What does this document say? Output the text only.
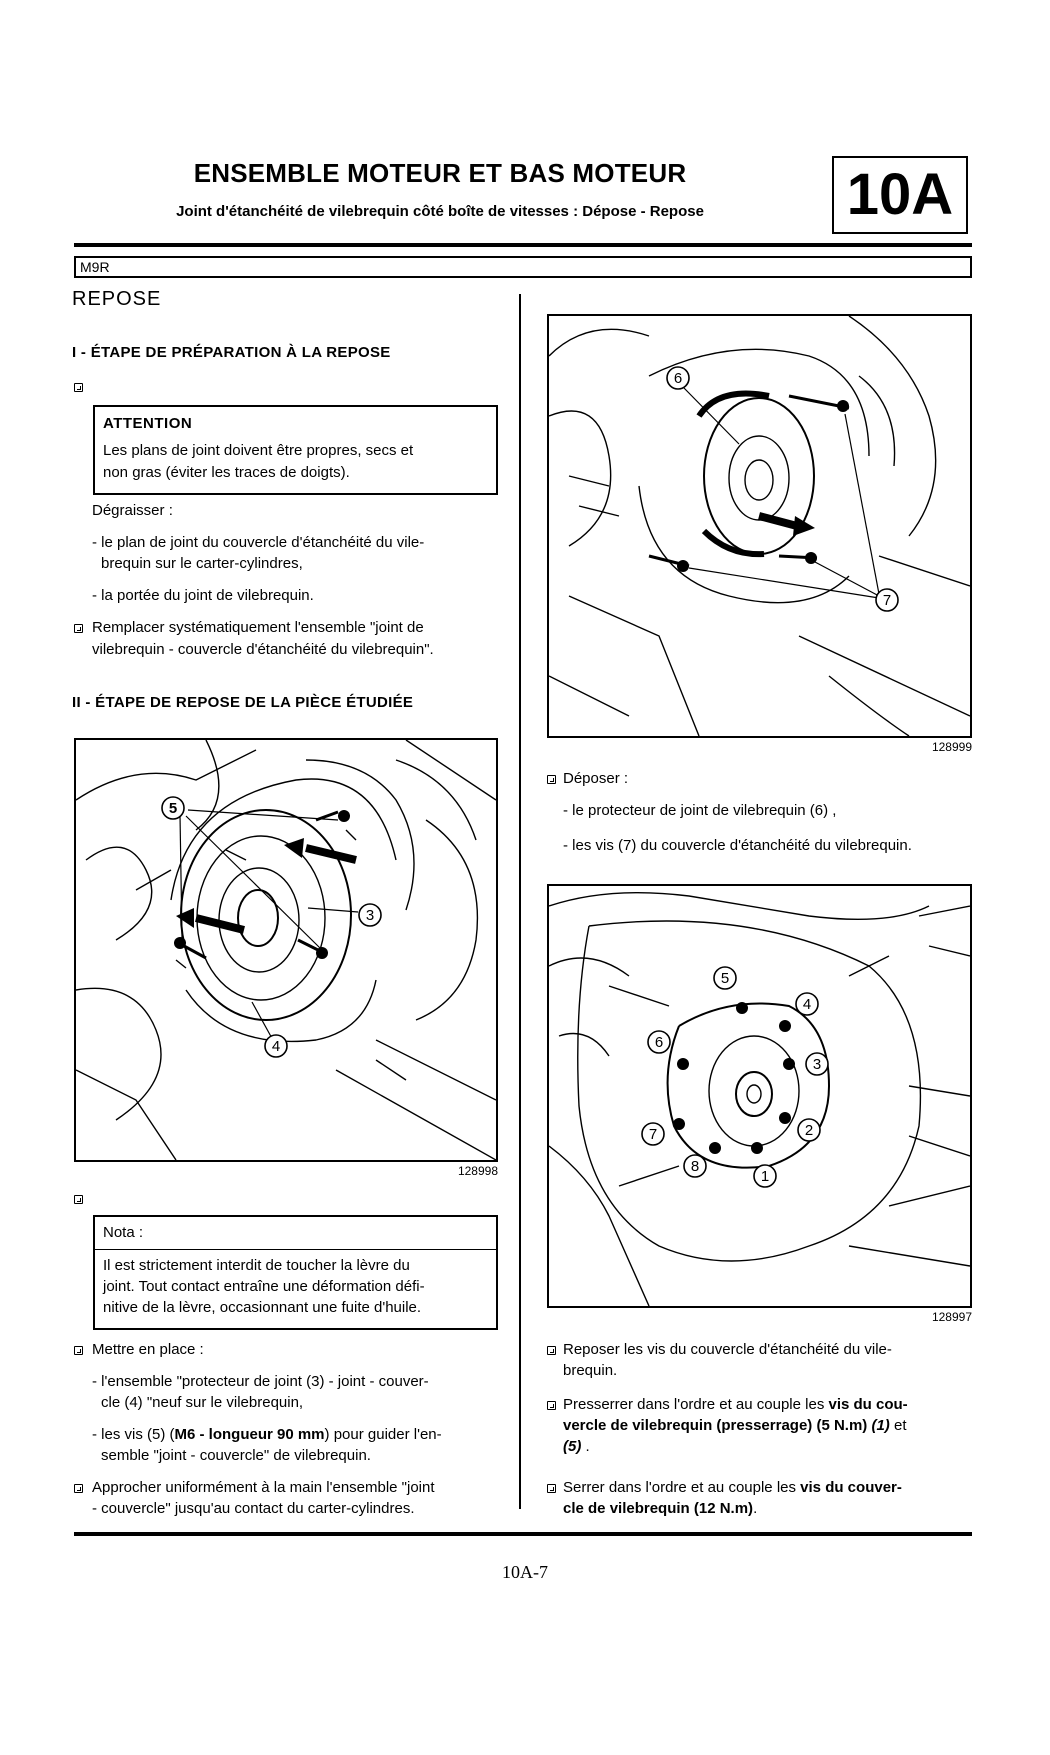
ENSEMBLE MOTEUR ET BAS MOTEUR
Joint d'étanchéité de vilebrequin côté boîte de vitesses : Dépose - Repose	10A
M9R
REPOSE
I - ÉTAPE DE PRÉPARATION À LA REPOSE
ATTENTION
Les plans de joint doivent être propres, secs et
non gras (éviter les traces de doigts).
Dégraisser :
- le plan de joint du couvercle d'étanchéité du vile-
brequin sur le carter-cylindres,
- la portée du joint de vilebrequin.
Remplacer systématiquement l'ensemble "joint de
vilebrequin - couvercle d'étanchéité du vilebrequin".
II - ÉTAPE DE REPOSE DE LA PIÈCE ÉTUDIÉE
5
3
4
128998
Nota :
Il est strictement interdit de toucher la lèvre du
joint. Tout contact entraîne une déformation défi-
nitive de la lèvre, occasionnant une fuite d'huile.
Mettre en place :
- l'ensemble "protecteur de joint (3) - joint - couver-
cle (4) "neuf sur le vilebrequin,
- les vis (5) (M6 - longueur 90 mm) pour guider l'en-
semble "joint - couvercle" de vilebrequin.
Approcher uniformément à la main l'ensemble "joint
- couvercle" jusqu'au contact du carter-cylindres.
6
7
128999
Déposer :
- le protecteur de joint de vilebrequin (6) ,
- les vis (7) du couvercle d'étanchéité du vilebrequin.
5
4
6
3
2
7
8
1
128997
Reposer les vis du couvercle d'étanchéité du vile-
brequin.
Presserrer dans l'ordre et au couple les vis du cou-
vercle de vilebrequin (presserrage) (5 N.m) (1) et
(5) .
Serrer dans l'ordre et au couple les vis du couver-
cle de vilebrequin (12 N.m).
10A-7
